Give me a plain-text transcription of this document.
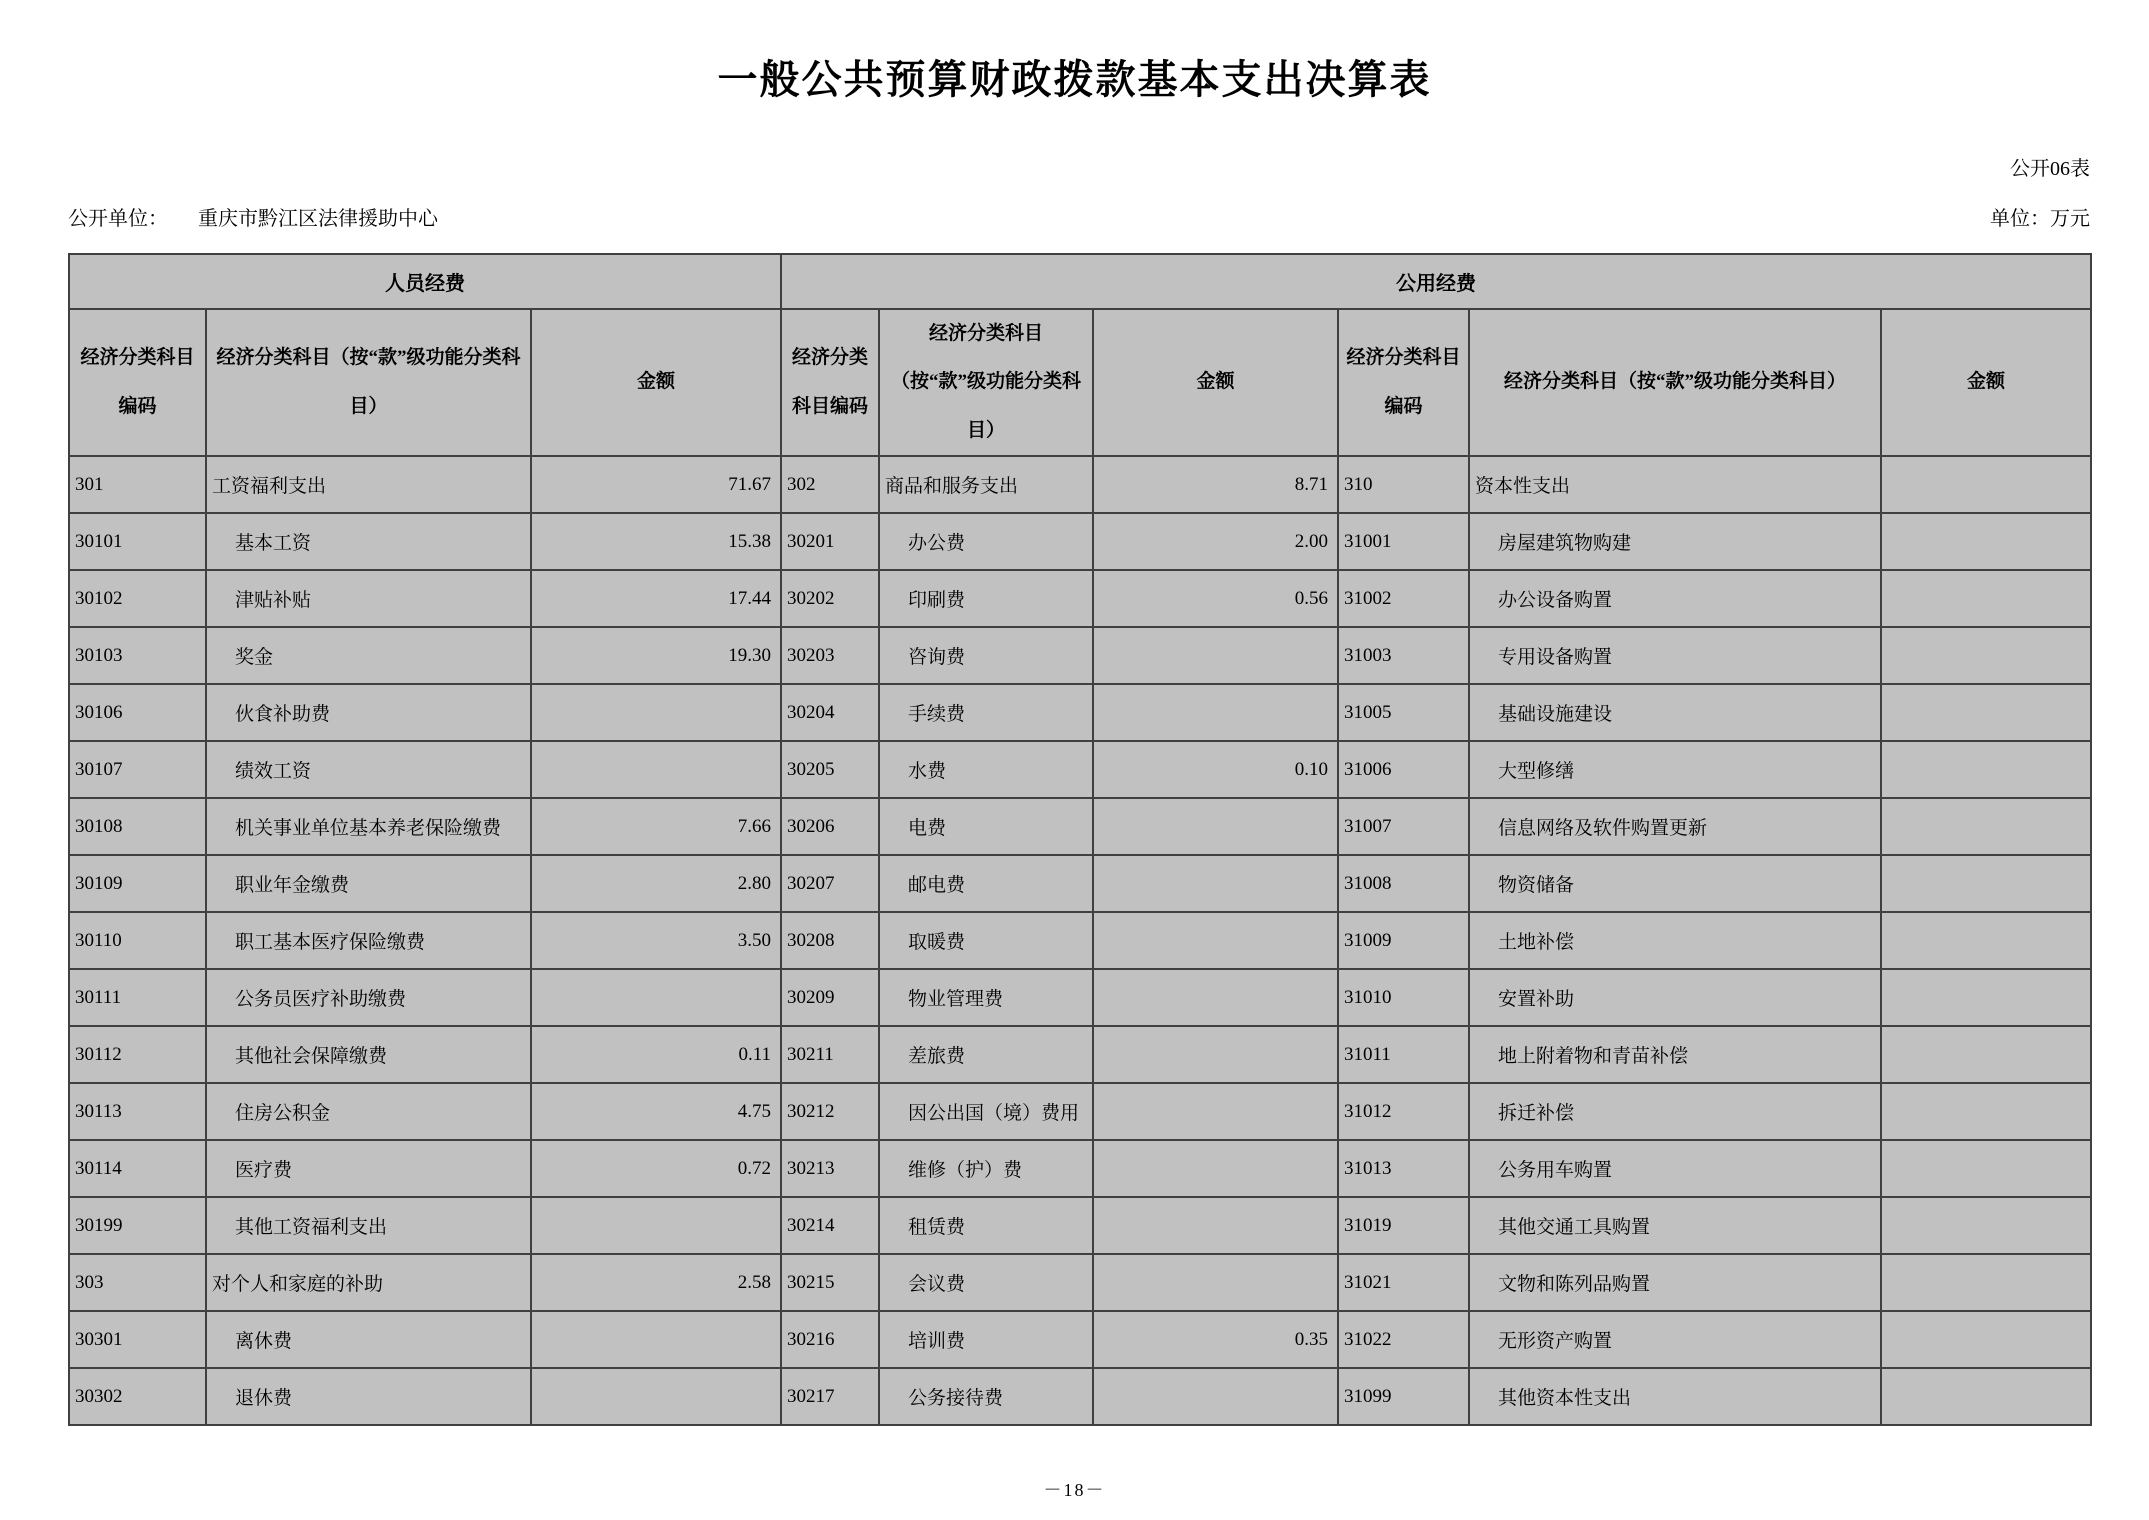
一般公共预算财政拨款基本支出决算表
公开06表
公开单位： 重庆市黔江区法律援助中心	单位：万元
人员经费			公用经费					
经济分类科目编码	经济分类科目（按“款”级功能分类科目）	金额	经济分类科目编码	经济分类科目（按“款”级功能分类科目）	金额	经济分类科目编码	经济分类科目（按“款”级功能分类科目）	金额
301	工资福利支出	71.67	302	商品和服务支出	8.71	310	资本性支出	
30101	基本工资	15.38	30201	办公费	2.00	31001	房屋建筑物购建	
30102	津贴补贴	17.44	30202	印刷费	0.56	31002	办公设备购置	
30103	奖金	19.30	30203	咨询费		31003	专用设备购置	
30106	伙食补助费		30204	手续费		31005	基础设施建设	
30107	绩效工资		30205	水费	0.10	31006	大型修缮	
30108	机关事业单位基本养老保险缴费	7.66	30206	电费		31007	信息网络及软件购置更新	
30109	职业年金缴费	2.80	30207	邮电费		31008	物资储备	
30110	职工基本医疗保险缴费	3.50	30208	取暖费		31009	土地补偿	
30111	公务员医疗补助缴费		30209	物业管理费		31010	安置补助	
30112	其他社会保障缴费	0.11	30211	差旅费		31011	地上附着物和青苗补偿	
30113	住房公积金	4.75	30212	因公出国（境）费用		31012	拆迁补偿	
30114	医疗费	0.72	30213	维修（护）费		31013	公务用车购置	
30199	其他工资福利支出		30214	租赁费		31019	其他交通工具购置	
303	对个人和家庭的补助	2.58	30215	会议费		31021	文物和陈列品购置	
30301	离休费		30216	培训费	0.35	31022	无形资产购置	
30302	退休费		30217	公务接待费		31099	其他资本性支出	
－18－
